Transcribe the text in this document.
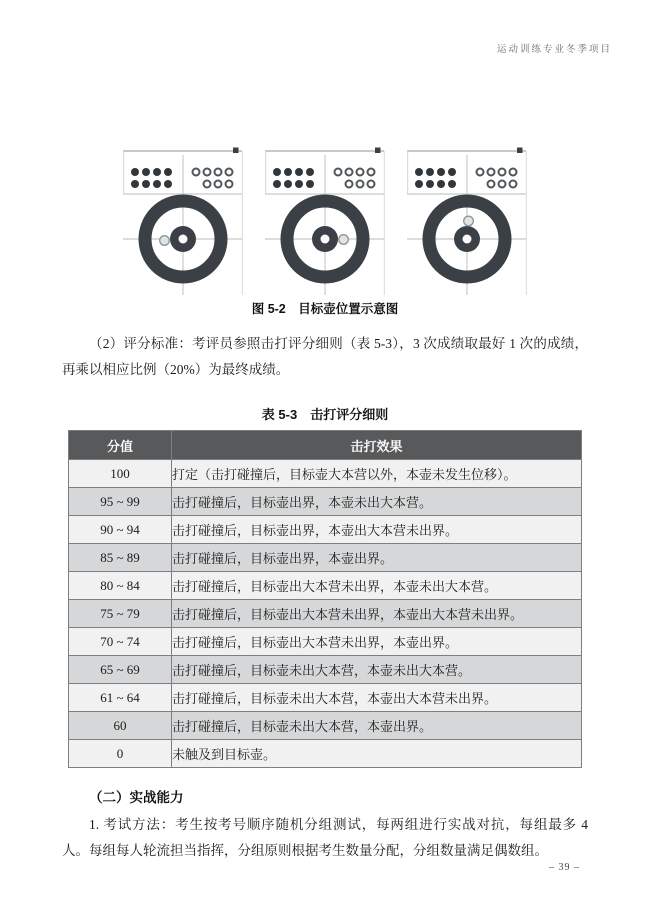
运动训练专业冬季项目
图 5-2　目标壶位置示意图

（2）评分标准：考评员参照击打评分细则（表 5-3），3 次成绩取最好 1 次的成绩，再乘以相应比例（20%）为最终成绩。

表 5-3　击打评分细则
分值	击打效果
100	打定（击打碰撞后，目标壶大本营以外，本壶未发生位移）。
95 ~ 99	击打碰撞后，目标壶出界，本壶未出大本营。
90 ~ 94	击打碰撞后，目标壶出界，本壶出大本营未出界。
85 ~ 89	击打碰撞后，目标壶出界，本壶出界。
80 ~ 84	击打碰撞后，目标壶出大本营未出界，本壶未出大本营。
75 ~ 79	击打碰撞后，目标壶出大本营未出界，本壶出大本营未出界。
70 ~ 74	击打碰撞后，目标壶出大本营未出界，本壶出界。
65 ~ 69	击打碰撞后，目标壶未出大本营，本壶未出大本营。
61 ~ 64	击打碰撞后，目标壶未出大本营，本壶出大本营未出界。
60	击打碰撞后，目标壶未出大本营，本壶出界。
0	未触及到目标壶。
（二）实战能力

1. 考试方法：考生按考号顺序随机分组测试，每两组进行实战对抗，每组最多 4 人。每组每人轮流担当指挥，分组原则根据考生数量分配，分组数量满足偶数组。

– 39 –
